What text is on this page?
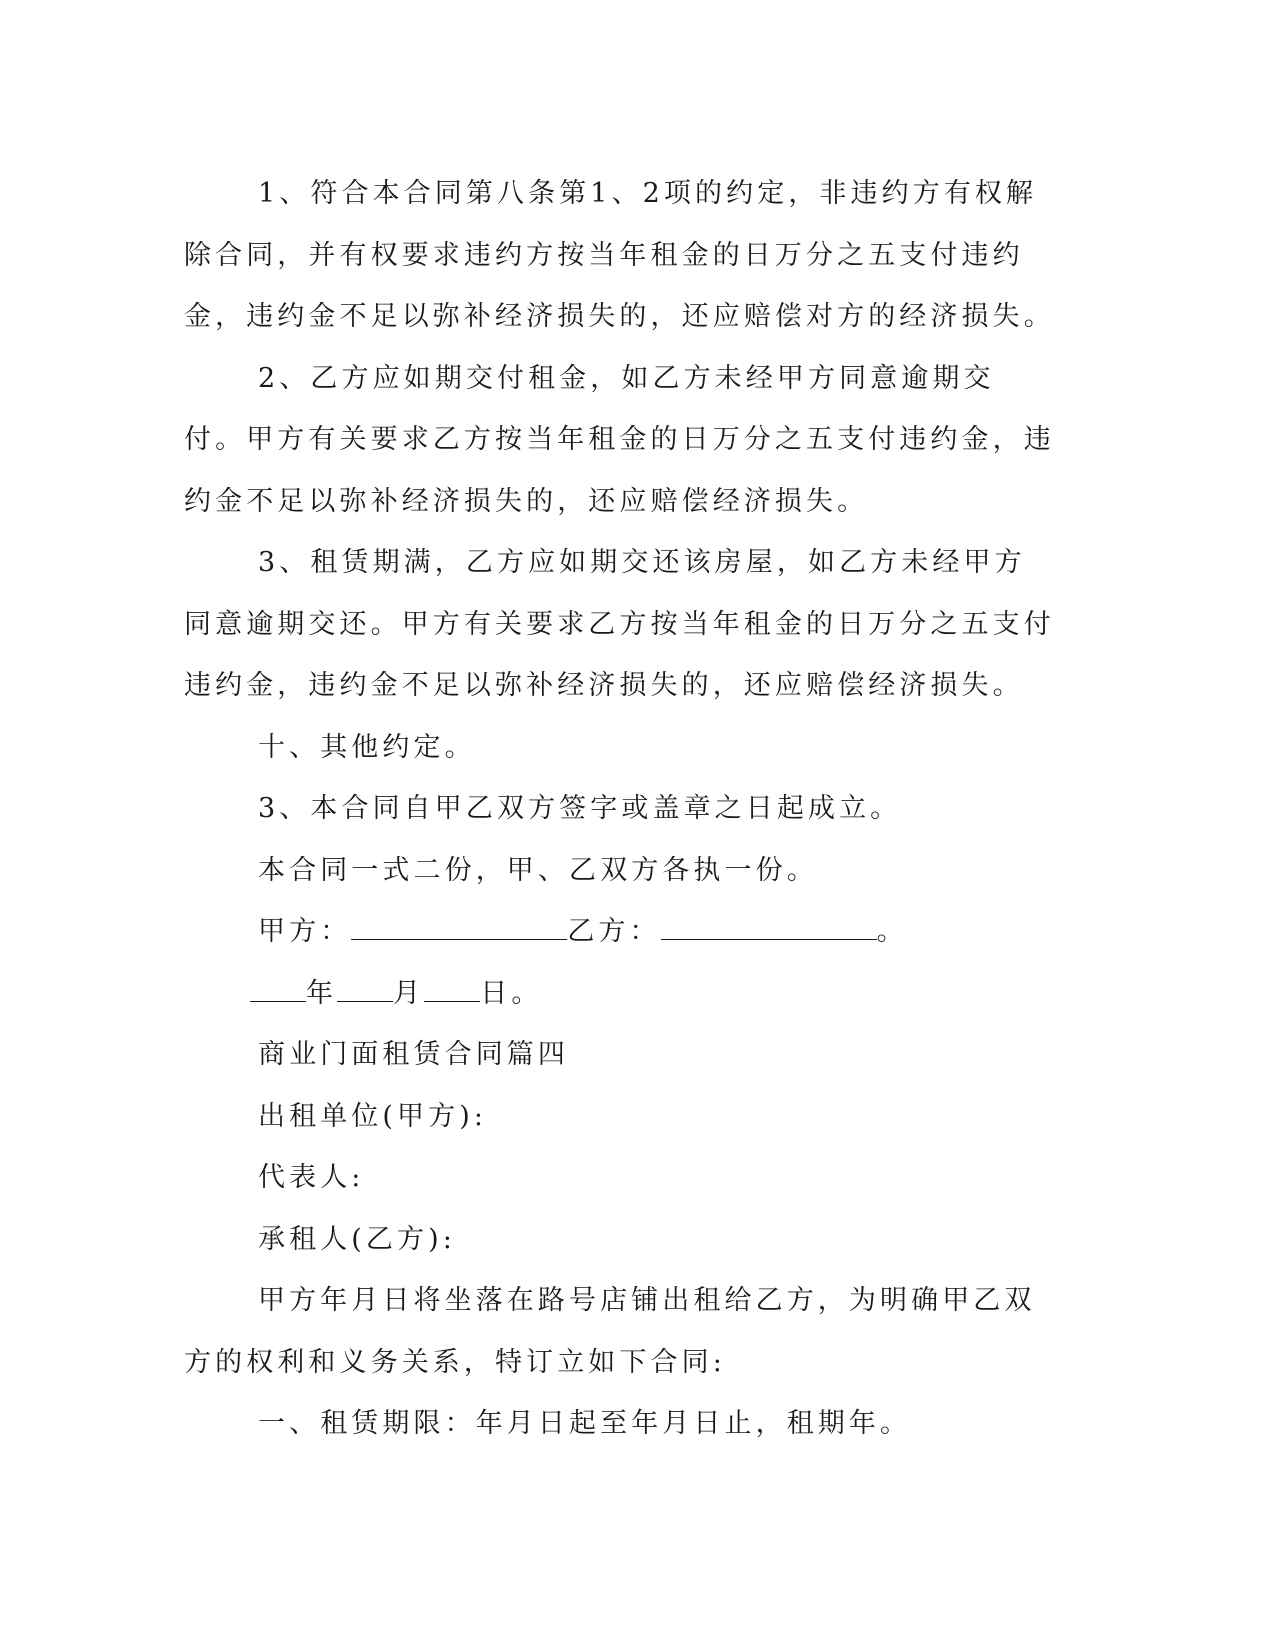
1、符合本合同第八条第1、2项的约定，非违约方有权解除合同，并有权要求违约方按当年租金的日万分之五支付违约金，违约金不足以弥补经济损失的，还应赔偿对方的经济损失。

2、乙方应如期交付租金，如乙方未经甲方同意逾期交付。甲方有关要求乙方按当年租金的日万分之五支付违约金，违约金不足以弥补经济损失的，还应赔偿经济损失。

3、租赁期满，乙方应如期交还该房屋，如乙方未经甲方同意逾期交还。甲方有关要求乙方按当年租金的日万分之五支付违约金，违约金不足以弥补经济损失的，还应赔偿经济损失。

十、其他约定。

3、本合同自甲乙双方签字或盖章之日起成立。

本合同一式二份，甲、乙双方各执一份。

甲方：	乙方：	。

年 月 日。

商业门面租赁合同篇四

出租单位(甲方):

代表人:

承租人(乙方):

甲方年月日将坐落在路号店铺出租给乙方，为明确甲乙双方的权利和义务关系，特订立如下合同:

一、租赁期限：年月日起至年月日止，租期年。
